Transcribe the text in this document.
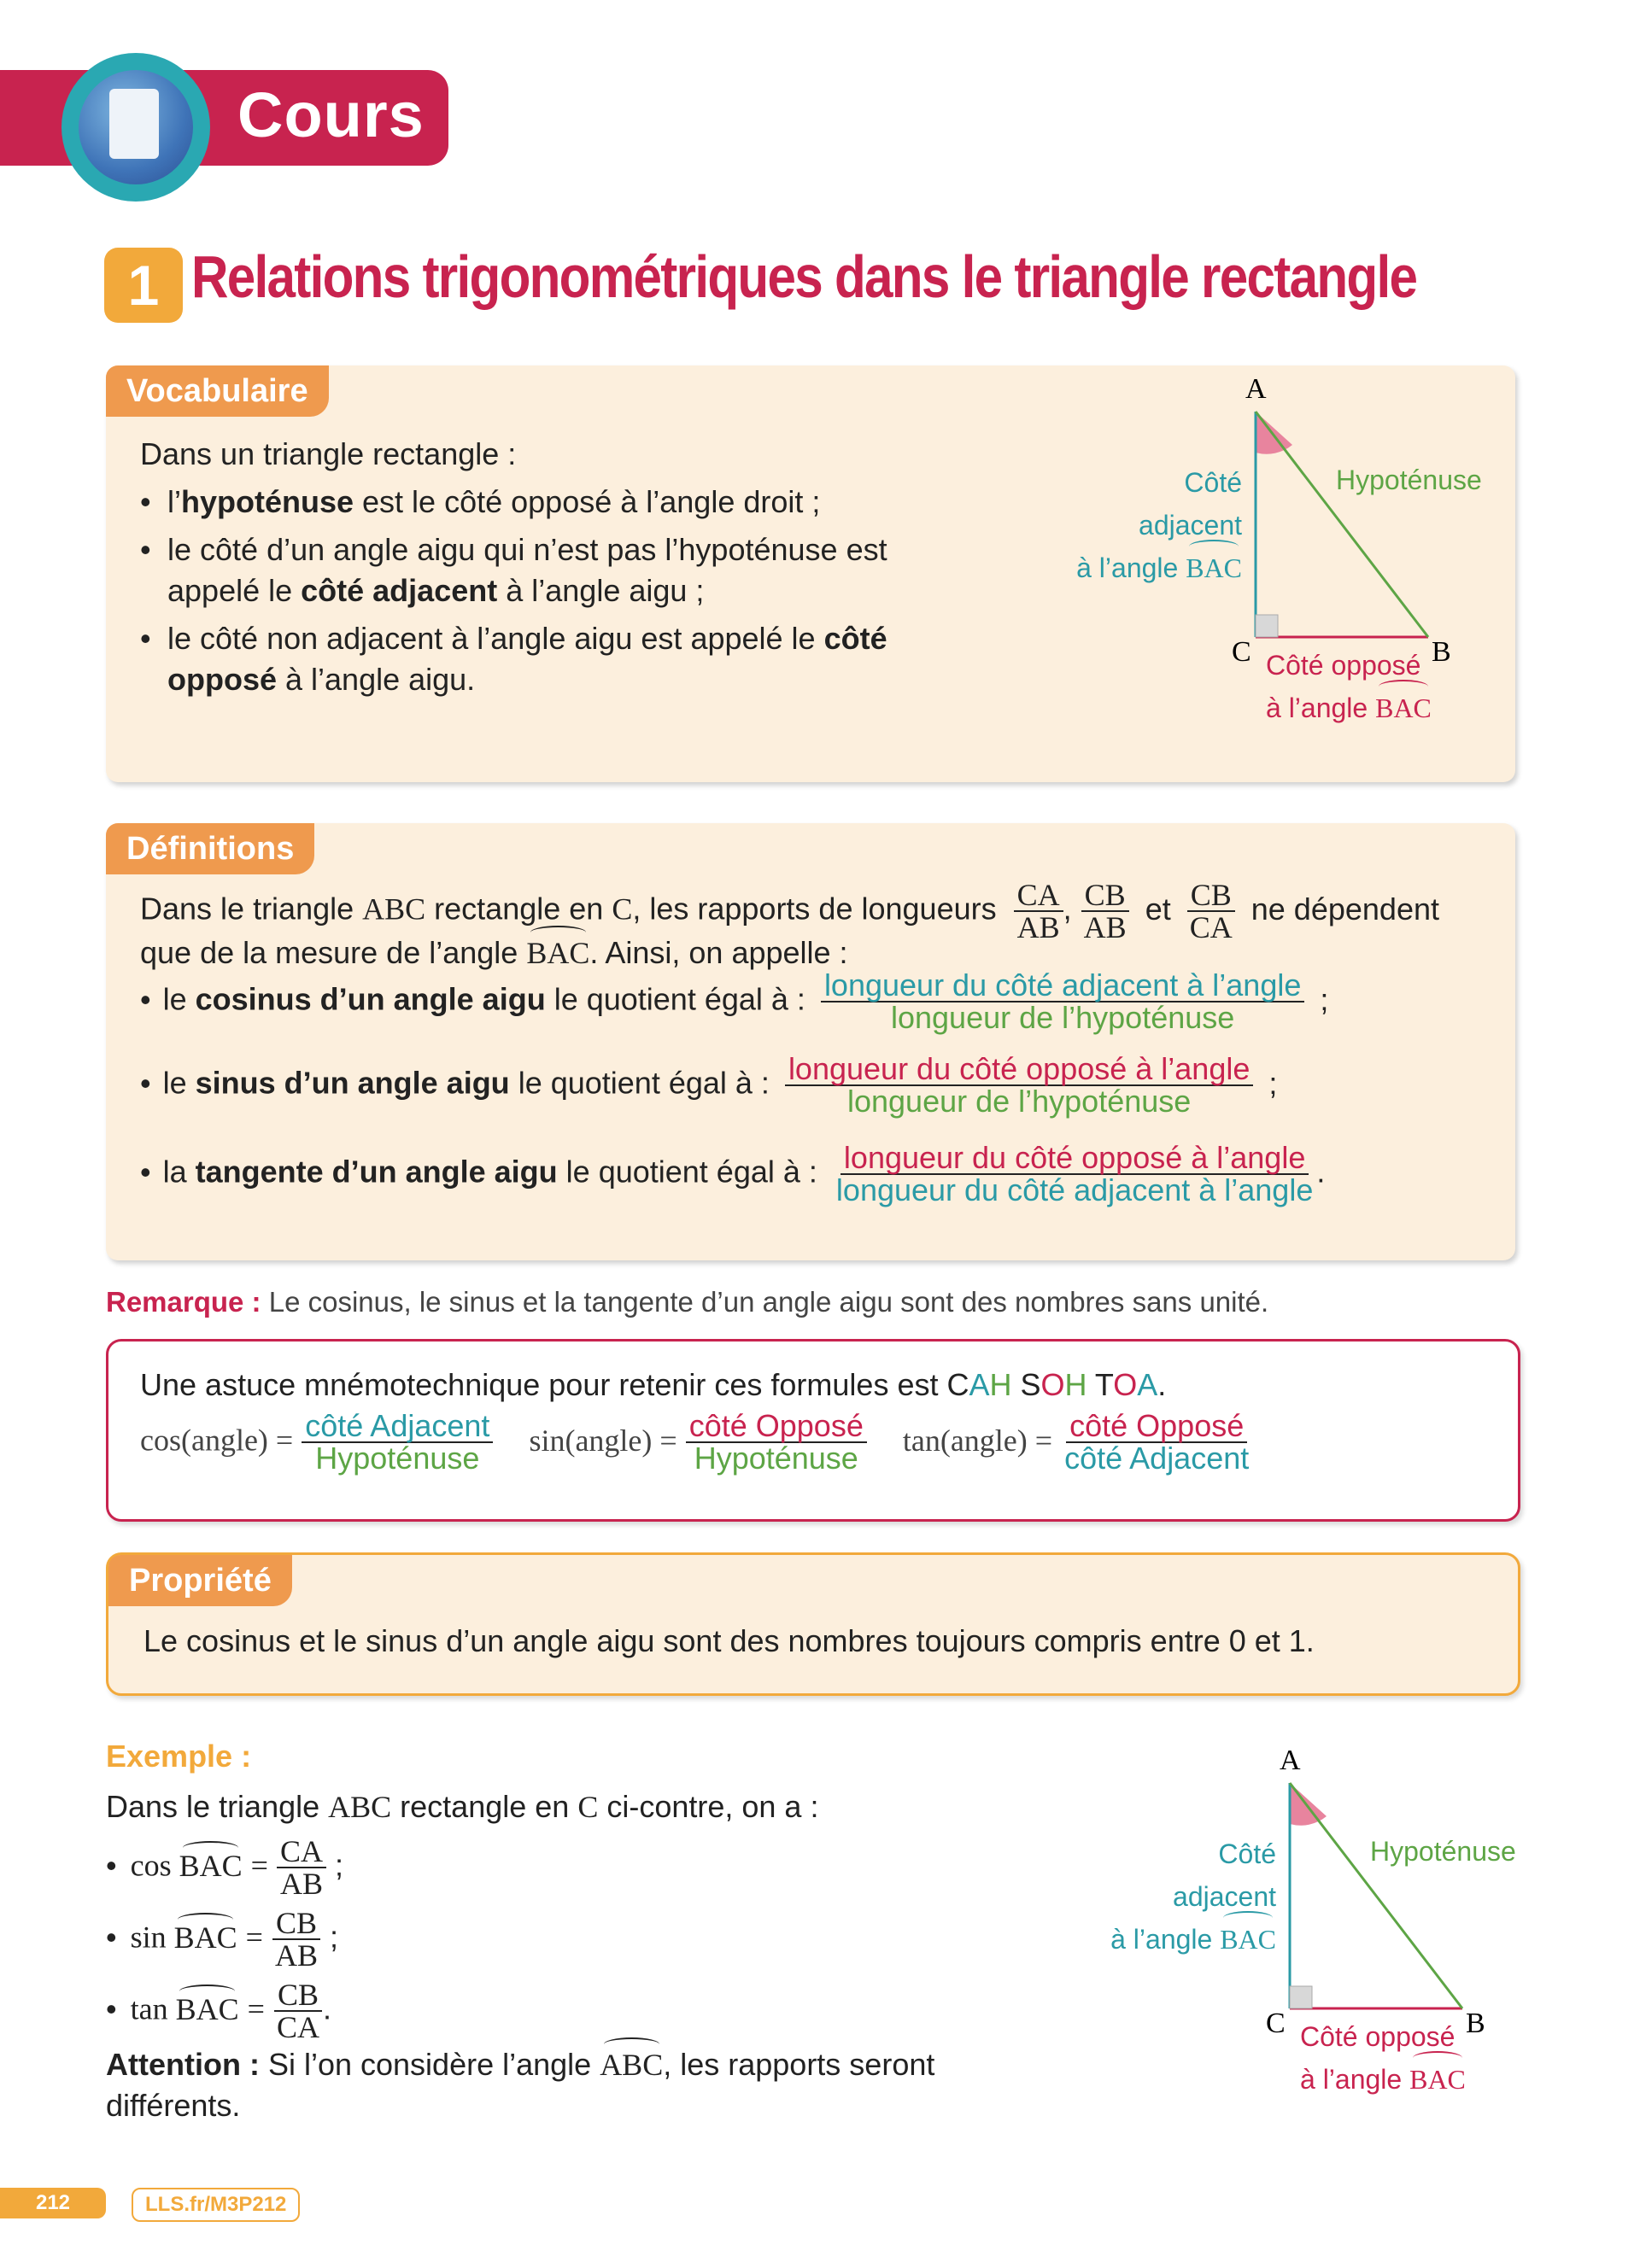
Cours
1 Relations trigonométriques dans le triangle rectangle
Vocabulaire
Dans un triangle rectangle :
• l’hypoténuse est le côté opposé à l’angle droit ;
• le côté d’un angle aigu qui n’est pas l’hypoténuse est
appelé le côté adjacent à l’angle aigu ;
• le côté non adjacent à l’angle aigu est appelé le côté
opposé à l’angle aigu.
A
C	B
Côté adjacent
à l’angle BAC
Hypoténuse
Côté opposé
à l’angle BAC
Définitions
Dans le triangle ABC rectangle en C, les rapports de longueurs $\frac{CA}{AB}$ , $\frac{CB}{AB}$ et $\frac{CB}{CA}$ ne dépendent
que de la mesure de l’angle BAC. Ainsi, on appelle :
• le cosinus d’un angle aigu le quotient égal à : $\frac{\text{longueur du côté adjacent à l’angle}}{\text{longueur de l’hypoténuse}}$ ;
• le sinus d’un angle aigu le quotient égal à : $\frac{\text{longueur du côté opposé à l’angle}}{\text{longueur de l’hypoténuse}}$ ;
• la tangente d’un angle aigu le quotient égal à : $\frac{\text{longueur du côté opposé à l’angle}}{\text{longueur du côté adjacent à l’angle}}$ .
Remarque : Le cosinus, le sinus et la tangente d’un angle aigu sont des nombres sans unité.
Une astuce mnémotechnique pour retenir ces formules est CAH SOH TOA.
cos(angle) = $\frac{\text{côté Adjacent}}{\text{Hypoténuse}}$ sin(angle) = $\frac{\text{côté Opposé}}{\text{Hypoténuse}}$ tan(angle) = $\frac{\text{côté Opposé}}{\text{côté Adjacent}}$
Propriété
Le cosinus et le sinus d’un angle aigu sont des nombres toujours compris entre 0 et 1.
Exemple :
Dans le triangle ABC rectangle en C ci-contre, on a :
• cos BAC = $\frac{CA}{AB}$ ;
• sin BAC = $\frac{CB}{AB}$ ;
• tan BAC = $\frac{CB}{CA}$ .
Attention : Si l’on considère l’angle ABC, les rapports seront
différents.
A
C	B
Côté adjacent
à l’angle BAC
Hypoténuse
Côté opposé
à l’angle BAC
212	LLS.fr/M3P212
